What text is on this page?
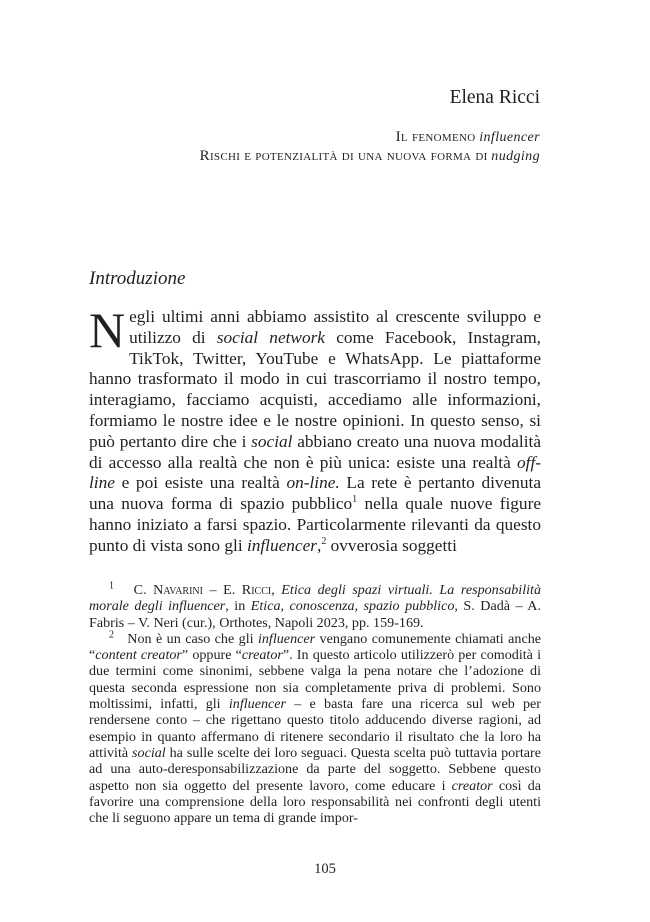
Elena Ricci
Il fenomeno influencer
Rischi e potenzialità di una nuova forma di nudging
Introduzione

Negli ultimi anni abbiamo assistito al crescente sviluppo e utilizzo di social network come Facebook, Instagram, TikTok, Twitter, YouTube e WhatsApp. Le piattaforme hanno trasformato il modo in cui trascorriamo il nostro tempo, interagiamo, facciamo acquisti, accediamo alle informazioni, formiamo le nostre idee e le nostre opinioni. In questo senso, si può pertanto dire che i social abbiano creato una nuova modalità di accesso alla realtà che non è più unica: esiste una realtà off-line e poi esiste una realtà on-line. La rete è pertanto divenuta una nuova forma di spazio pubblico$^1$ nella quale nuove figure hanno iniziato a farsi spazio. Particolarmente rilevanti da questo punto di vista sono gli influencer,$^2$ ovverosia soggetti

$^1$ C. Navarini – E. Ricci, Etica degli spazi virtuali. La responsabilità morale degli influencer, in Etica, conoscenza, spazio pubblico, S. Dadà – A. Fabris – V. Neri (cur.), Orthotes, Napoli 2023, pp. 159-169.

$^2$ Non è un caso che gli influencer vengano comunemente chiamati anche “content creator” oppure “creator”. In questo articolo utilizzerò per comodità i due termini come sinonimi, sebbene valga la pena notare che l’adozione di questa seconda espressione non sia completamente priva di problemi. Sono moltissimi, infatti, gli influencer – e basta fare una ricerca sul web per rendersene conto – che rigettano questo titolo adducendo diverse ragioni, ad esempio in quanto affermano di ritenere secondario il risultato che la loro ha attività social ha sulle scelte dei loro seguaci. Questa scelta può tuttavia portare ad una auto-deresponsabilizzazione da parte del soggetto. Sebbene questo aspetto non sia oggetto del presente lavoro, come educare i creator così da favorire una comprensione della loro responsabilità nei confronti degli utenti che li seguono appare un tema di grande impor-

105
